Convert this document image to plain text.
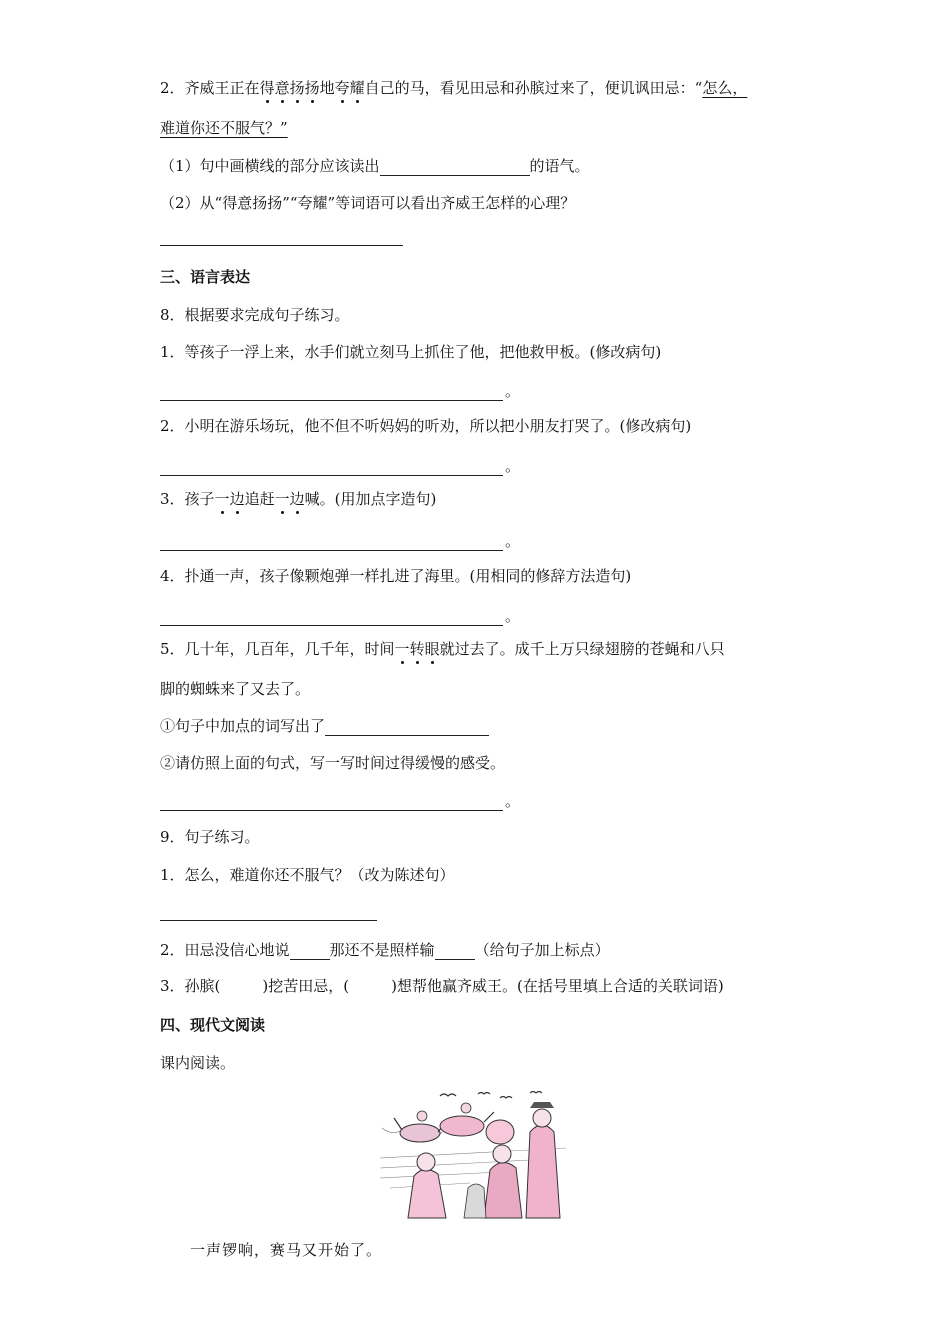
2．齐威王正在得意扬扬地夸耀自己的马，看见田忌和孙膑过来了，便讥讽田忌：“怎么，
难道你还不服气？”
（1）句中画横线的部分应该读出	的语气。
（2）从“得意扬扬”“夸耀”等词语可以看出齐威王怎样的心理？
三、语言表达
8．根据要求完成句子练习。
1．等孩子一浮上来，水手们就立刻马上抓住了他，把他救甲板。(修改病句)
。
2．小明在游乐场玩，他不但不听妈妈的听劝，所以把小朋友打哭了。(修改病句)
。
3．孩子一边追赶一边喊。(用加点字造句)
。
4．扑通一声，孩子像颗炮弹一样扎进了海里。(用相同的修辞方法造句)
。
5．几十年，几百年，几千年，时间一转眼就过去了。成千上万只绿翅膀的苍蝇和八只
脚的蜘蛛来了又去了。
①句子中加点的词写出了
②请仿照上面的句式，写一写时间过得缓慢的感受。
。
9．句子练习。
1．怎么，难道你还不服气？（改为陈述句）
2．田忌没信心地说	那还不是照样输	（给句子加上标点）
3．孙膑(	)挖苦田忌，(	)想帮他赢齐威王。(在括号里填上合适的关联词语)
四、现代文阅读
课内阅读。
一声锣响，赛马又开始了。
